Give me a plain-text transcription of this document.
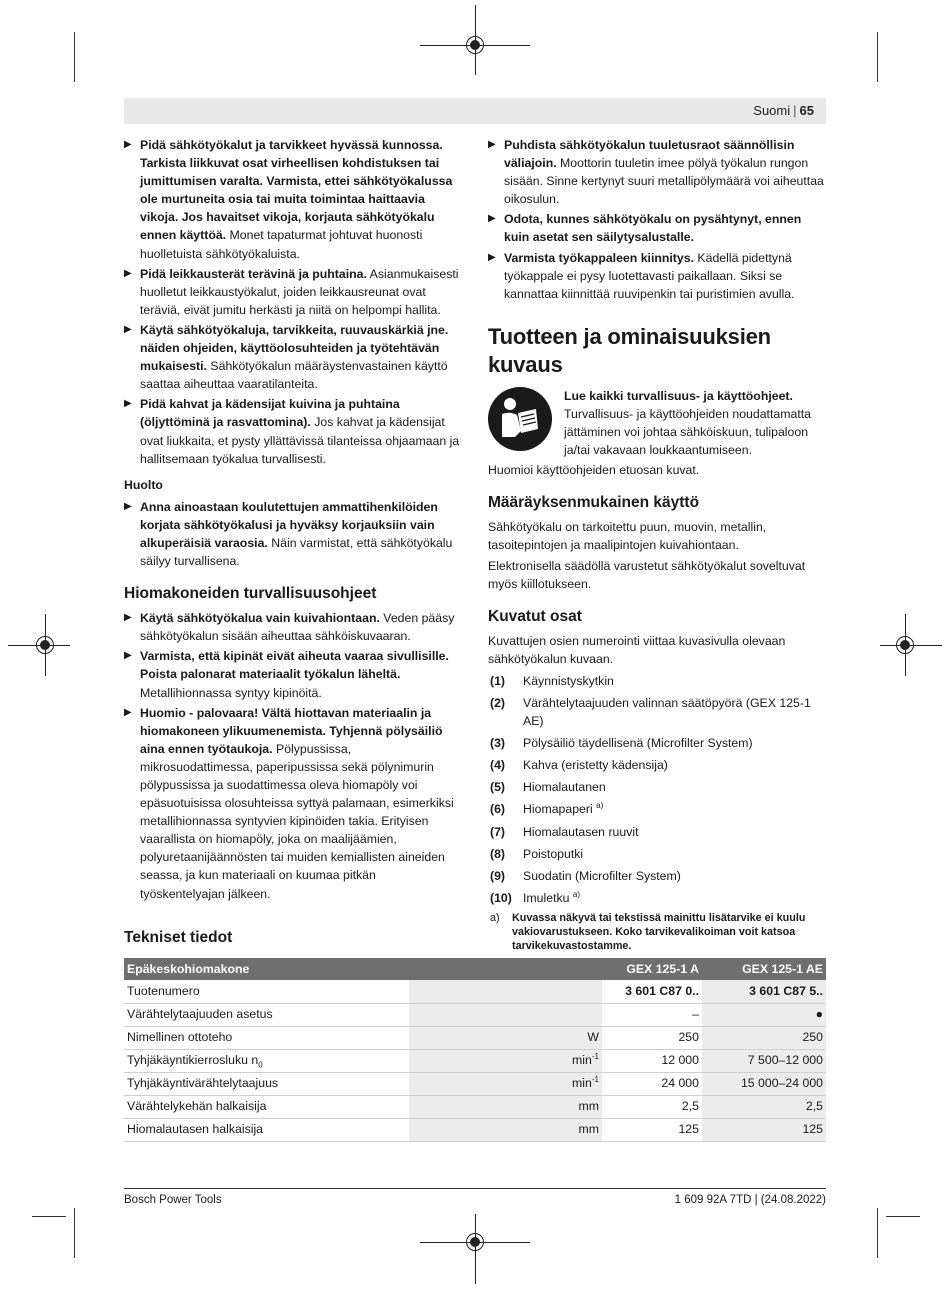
Suomi | 65
▶ Pidä sähkötyökalut ja tarvikkeet hyvässä kunnossa. Tarkista liikkuvat osat virheellisen kohdistuksen tai jumittumisen varalta. Varmista, ettei sähkötyökalussa ole murtuneita osia tai muita toimintaa haittaavia vikoja. Jos havaitset vikoja, korjauta sähkötyökalu ennen käyttöä. Monet tapaturmat johtuvat huonosti huolletuista sähkötyökaluista.
▶ Pidä leikkausterät terävinä ja puhtaina. Asianmukaisesti huolletut leikkaustyökalut, joiden leikkausreunat ovat teräviä, eivät jumitu herkästi ja niitä on helpompi hallita.
▶ Käytä sähkötyökaluja, tarvikkeita, ruuvauskärkiä jne. näiden ohjeiden, käyttöolosuhteiden ja työtehtävän mukaisesti. Sähkötyökalun määräystenvastainen käyttö saattaa aiheuttaa vaaratilanteita.
▶ Pidä kahvat ja kädensijat kuivina ja puhtaina (öljyttöminä ja rasvattomina). Jos kahvat ja kädensijat ovat liukkaita, et pysty yllättävissä tilanteissa ohjaamaan ja hallitsemaan työkalua turvallisesti.
Huolto
▶ Anna ainoastaan koulutettujen ammattihenkilöiden korjata sähkötyökalusi ja hyväksy korjauksiin vain alkuperäisiä varaosia. Näin varmistat, että sähkötyökalu säilyy turvallisena.
Hiomakoneiden turvallisuusohjeet
▶ Käytä sähkötyökalua vain kuivahiontaan. Veden pääsy sähkötyökalun sisään aiheuttaa sähköiskuvaaran.
▶ Varmista, että kipinät eivät aiheuta vaaraa sivullisille. Poista palonarat materiaalit työkalun läheltä. Metallihionnassa syntyy kipinöitä.
▶ Huomio - palovaara! Vältä hiottavan materiaalin ja hiomakoneen ylikuumenemista. Tyhjennä pölysäiliö aina ennen työtaukoja. Pölypussissa, mikrosuodattimessa, paperipussissa sekä pölynimurin pölypussissa ja suodattimessa oleva hiomapöly voi epäsuotuisissa olosuhteissa syttyä palamaan, esimerkiksi metallihionnassa syntyvien kipinöiden takia. Erityisen vaarallista on hiomapöly, joka on maalijäämien, polyuretaanijäännösten tai muiden kemiallisten aineiden seassa, ja kun materiaali on kuumaa pitkän työskentelyajan jälkeen.
▶ Puhdista sähkötyökalun tuuletusraot säännöllisin väliajoin. Moottorin tuuletin imee pölyä työkalun rungon sisään. Sinne kertynyt suuri metallipölymäärä voi aiheuttaa oikosulun.
▶ Odota, kunnes sähkötyökalu on pysähtynyt, ennen kuin asetat sen säilytysalustalle.
▶ Varmista työkappaleen kiinnitys. Kädellä pidettynä työkappale ei pysy luotettavasti paikallaan. Siksi se kannattaa kiinnittää ruuvipenkin tai puristimien avulla.
Tuotteen ja ominaisuuksien kuvaus
Lue kaikki turvallisuus- ja käyttöohjeet. Turvallisuus- ja käyttöohjeiden noudattamatta jättäminen voi johtaa sähköiskuun, tulipaloon ja/tai vakavaan loukkaantumiseen.
Huomioi käyttöohjeiden etuosan kuvat.
Määräyksenmukainen käyttö
Sähkötyökalu on tarkoitettu puun, muovin, metallin, tasoitepintojen ja maalipintojen kuivahiontaan.
Elektronisella säädöllä varustetut sähkötyökalut soveltuvat myös kiillotukseen.
Kuvatut osat
Kuvattujen osien numerointi viittaa kuvasivulla olevaan sähkötyökalun kuvaan.
(1)	Käynnistyskytkin
(2)	Värähtelytaajuuden valinnan säätöpyörä (GEX 125-1 AE)
(3)	Pölysäiliö täydellisenä (Microfilter System)
(4)	Kahva (eristetty kädensija)
(5)	Hiomalautanen
(6)	Hiomapaperi $^{a)}$
(7)	Hiomalautasen ruuvit
(8)	Poistoputki
(9)	Suodatin (Microfilter System)
(10) Imuletku $^{a)}$
a)	Kuvassa näkyvä tai tekstissä mainittu lisätarvike ei kuulu vakiovarustukseen. Koko tarvikevalikoiman voit katsoa tarvikekuvastostamme.
Tekniset tiedot
Epäkeskohiomakone		GEX 125-1 A	GEX 125-1 AE
Tuotenumero		3 601 C87 0..	3 601 C87 5..
Värähtelytaajuuden asetus		–	●
Nimellinen ottoteho	W	250	250
Tyhjäkäyntikierrosluku $n_0$	$\min^{-1}$	12 000	7 500–12 000
Tyhjäkäyntivärähtelytaajuus	$\min^{-1}$	24 000	15 000–24 000
Värähtelykehän halkaisija	mm	2,5	2,5
Hiomalautasen halkaisija	mm	125	125
Bosch Power Tools	1 609 92A 7TD | (24.08.2022)
